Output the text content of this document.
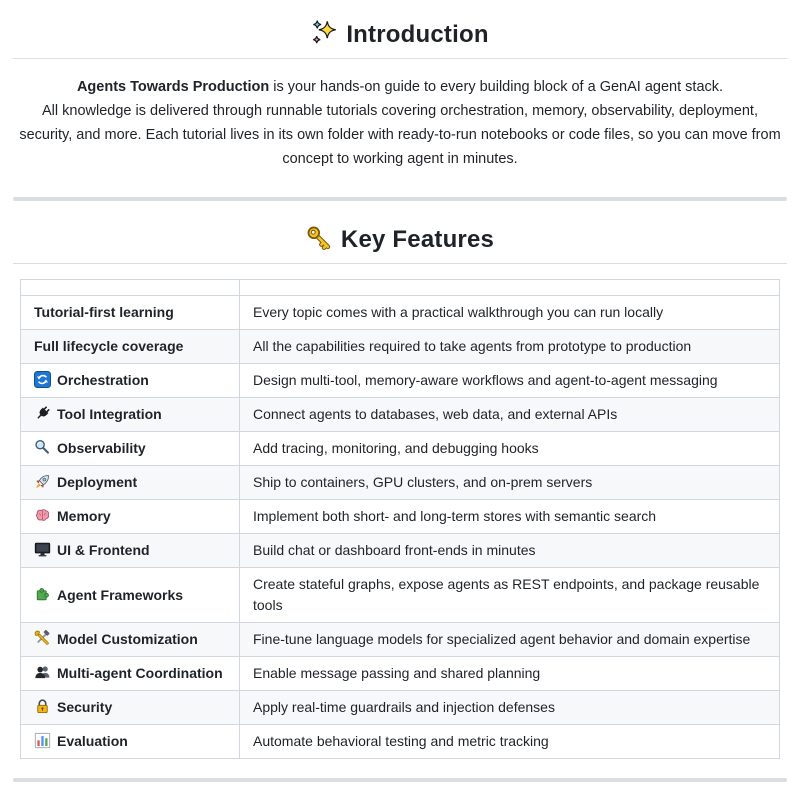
Introduction

Agents Towards Production is your hands-on guide to every building block of a GenAI agent stack.
All knowledge is delivered through runnable tutorials covering orchestration, memory, observability, deployment, security, and more. Each tutorial lives in its own folder with ready-to-run notebooks or code files, so you can move from concept to working agent in minutes.

Key Features

Tutorial-first learning	Every topic comes with a practical walkthrough you can run locally
Full lifecycle coverage	All the capabilities required to take agents from prototype to production

Orchestration	Design multi-tool, memory-aware workflows and agent-to-agent messaging

Tool Integration	Connect agents to databases, web data, and external APIs

Observability	Add tracing, monitoring, and debugging hooks

Deployment	Ship to containers, GPU clusters, and on-prem servers

Memory	Implement both short- and long-term stores with semantic search

UI & Frontend	Build chat or dashboard front-ends in minutes

Agent Frameworks	Create stateful graphs, expose agents as REST endpoints, and package reusable tools

Model Customization	Fine-tune language models for specialized agent behavior and domain expertise

Multi-agent Coordination	Enable message passing and shared planning

Security	Apply real-time guardrails and injection defenses

Evaluation	Automate behavioral testing and metric tracking
